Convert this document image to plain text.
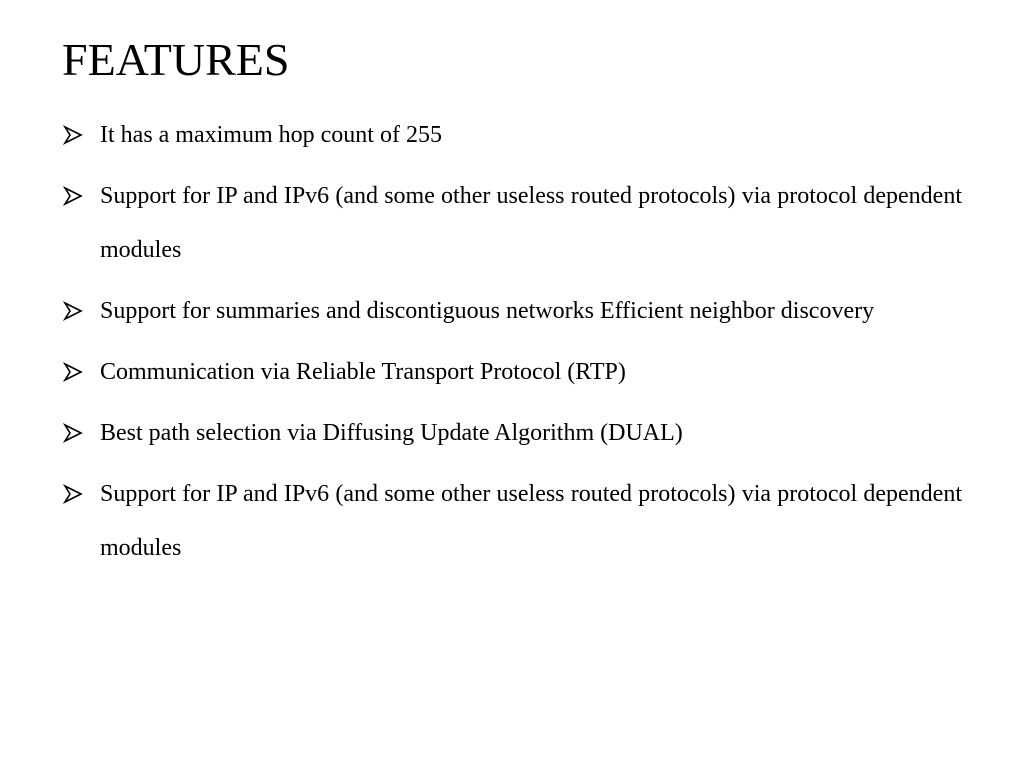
FEATURES
It has a maximum hop count of 255
Support for IP and IPv6 (and some other useless routed protocols) via protocol dependent modules
Support for summaries and discontiguous networks Efficient neighbor discovery
Communication via Reliable Transport Protocol (RTP)
Best path selection via Diffusing Update Algorithm (DUAL)
Support for IP and IPv6 (and some other useless routed protocols) via protocol dependent modules
